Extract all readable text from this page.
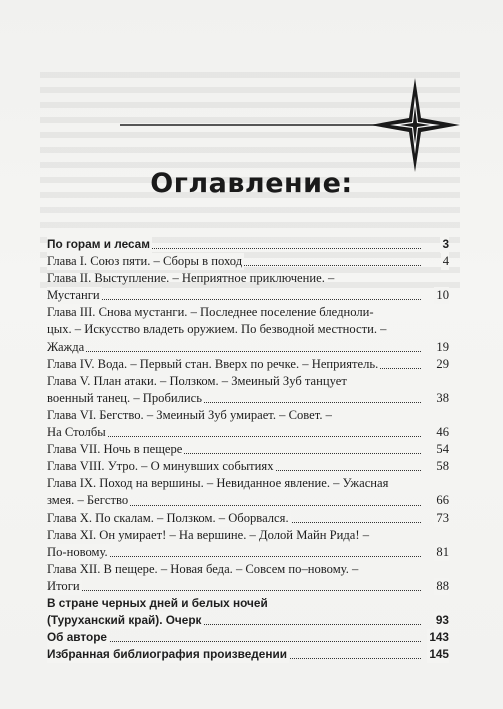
Оглавление:
По горам и лесам	3
Глава I. Союз пяти. – Сборы в поход	4
Глава II. Выступление. – Неприятное приключение. –
Мустанги	10
Глава III. Снова мустанги. – Последнее поселение бледноли-
цых. – Искусство владеть оружием. По безводной местности. –
Жажда	19
Глава IV. Вода. – Первый стан. Вверх по речке. – Неприятель.	29
Глава V. План атаки. – Ползком. – Змеиный Зуб танцует
военный танец. – Пробились	38
Глава VI. Бегство. – Змеиный Зуб умирает. – Совет. –
На Столбы	46
Глава VII. Ночь в пещере	54
Глава VIII. Утро. – О минувших событиях	58
Глава IX. Поход на вершины. – Невиданное явление. – Ужасная
змея. – Бегство	66
Глава X. По скалам. – Ползком. – Оборвался.	73
Глава XI. Он умирает! – На вершине. – Долой Майн Рида! –
По-новому.	81
Глава XII. В пещере. – Новая беда. – Совсем по–новому. –
Итоги	88
В стране черных дней и белых ночей
(Туруханский край). Очерк	93
Об авторе	143
Избранная библиография произведении	145
